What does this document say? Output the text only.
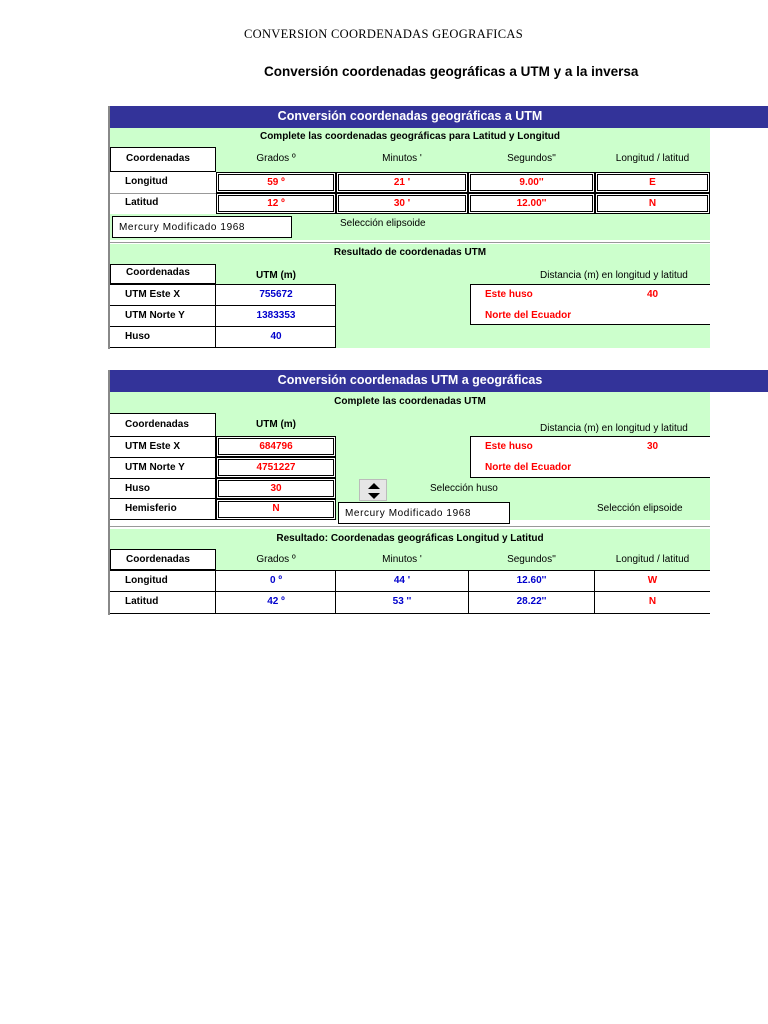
CONVERSION COORDENADAS GEOGRAFICAS
Conversión coordenadas geográficas a UTM y a la inversa
Conversión coordenadas geográficas a UTM
Complete las coordenadas geográficas para Latitud y Longitud
Coordenadas	Grados º	Minutos '	Segundos''	Longitud / latitud
Longitud	59 º	21 '	9.00''	E
Latitud	12 º	30 '	12.00''	N
Mercury Modificado 1968	Selección elipsoide
Resultado de coordenadas UTM
Coordenadas	UTM (m)	Distancia (m) en longitud y latitud
UTM Este X	755672
UTM Norte Y	1383353
Huso	40
Este huso	40
Norte del Ecuador
Conversión coordenadas UTM a geográficas
Complete las coordenadas UTM
Coordenadas	UTM (m)	Distancia (m) en longitud y latitud
UTM Este X	684796
UTM Norte Y	4751227
Huso	30
Hemisferio	N
Este huso	30
Norte del Ecuador
Selección huso
Mercury Modificado 1968	Selección elipsoide
Resultado: Coordenadas geográficas Longitud y Latitud
Coordenadas	Grados º	Minutos '	Segundos''	Longitud / latitud
Longitud	0 º	44 '	12.60''	W
Latitud	42 º	53 ''	28.22''	N
